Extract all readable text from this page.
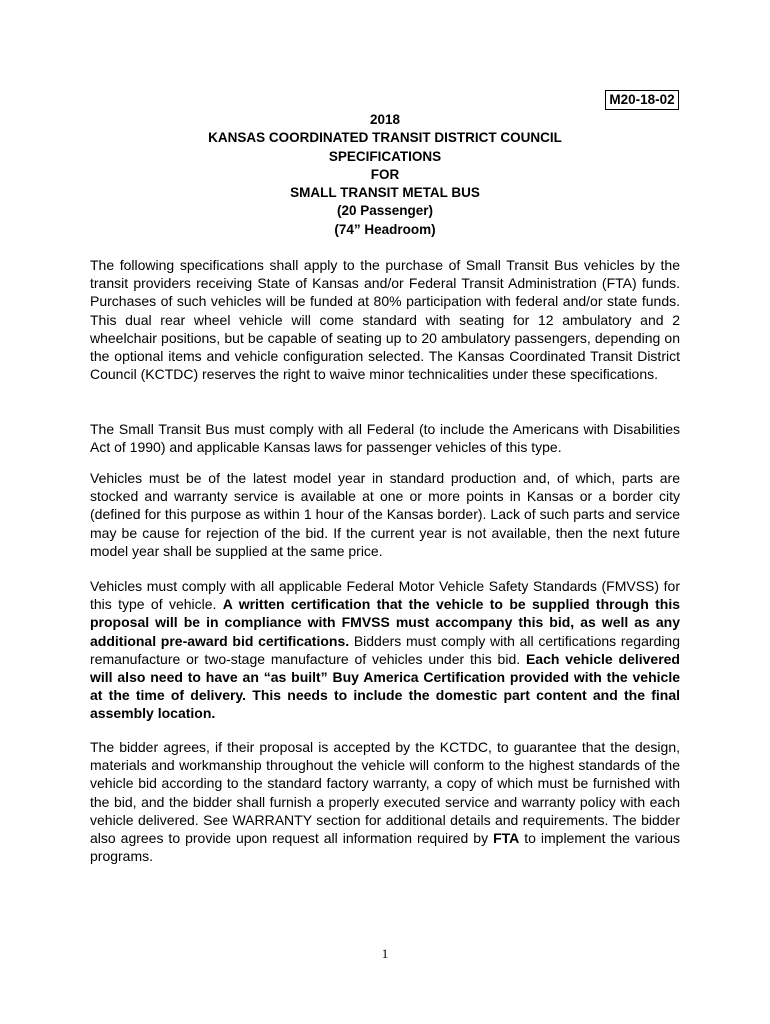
M20-18-02
2018
KANSAS COORDINATED TRANSIT DISTRICT COUNCIL
SPECIFICATIONS
FOR
SMALL TRANSIT METAL BUS
(20 Passenger)
(74” Headroom)

The following specifications shall apply to the purchase of Small Transit Bus vehicles by the transit providers receiving State of Kansas and/or Federal Transit Administration (FTA) funds. Purchases of such vehicles will be funded at 80% participation with federal and/or state funds. This dual rear wheel vehicle will come standard with seating for 12 ambulatory and 2 wheelchair positions, but be capable of seating up to 20 ambulatory passengers, depending on the optional items and vehicle configuration selected. The Kansas Coordinated Transit District Council (KCTDC) reserves the right to waive minor technicalities under these specifications.

The Small Transit Bus must comply with all Federal (to include the Americans with Disabilities Act of 1990) and applicable Kansas laws for passenger vehicles of this type.

Vehicles must be of the latest model year in standard production and, of which, parts are stocked and warranty service is available at one or more points in Kansas or a border city (defined for this purpose as within 1 hour of the Kansas border). Lack of such parts and service may be cause for rejection of the bid. If the current year is not available, then the next future model year shall be supplied at the same price.

Vehicles must comply with all applicable Federal Motor Vehicle Safety Standards (FMVSS) for this type of vehicle. A written certification that the vehicle to be supplied through this proposal will be in compliance with FMVSS must accompany this bid, as well as any additional pre-award bid certifications. Bidders must comply with all certifications regarding remanufacture or two-stage manufacture of vehicles under this bid. Each vehicle delivered will also need to have an “as built” Buy America Certification provided with the vehicle at the time of delivery. This needs to include the domestic part content and the final assembly location.

The bidder agrees, if their proposal is accepted by the KCTDC, to guarantee that the design, materials and workmanship throughout the vehicle will conform to the highest standards of the vehicle bid according to the standard factory warranty, a copy of which must be furnished with the bid, and the bidder shall furnish a properly executed service and warranty policy with each vehicle delivered. See WARRANTY section for additional details and requirements. The bidder also agrees to provide upon request all information required by FTA to implement the various programs.

1
